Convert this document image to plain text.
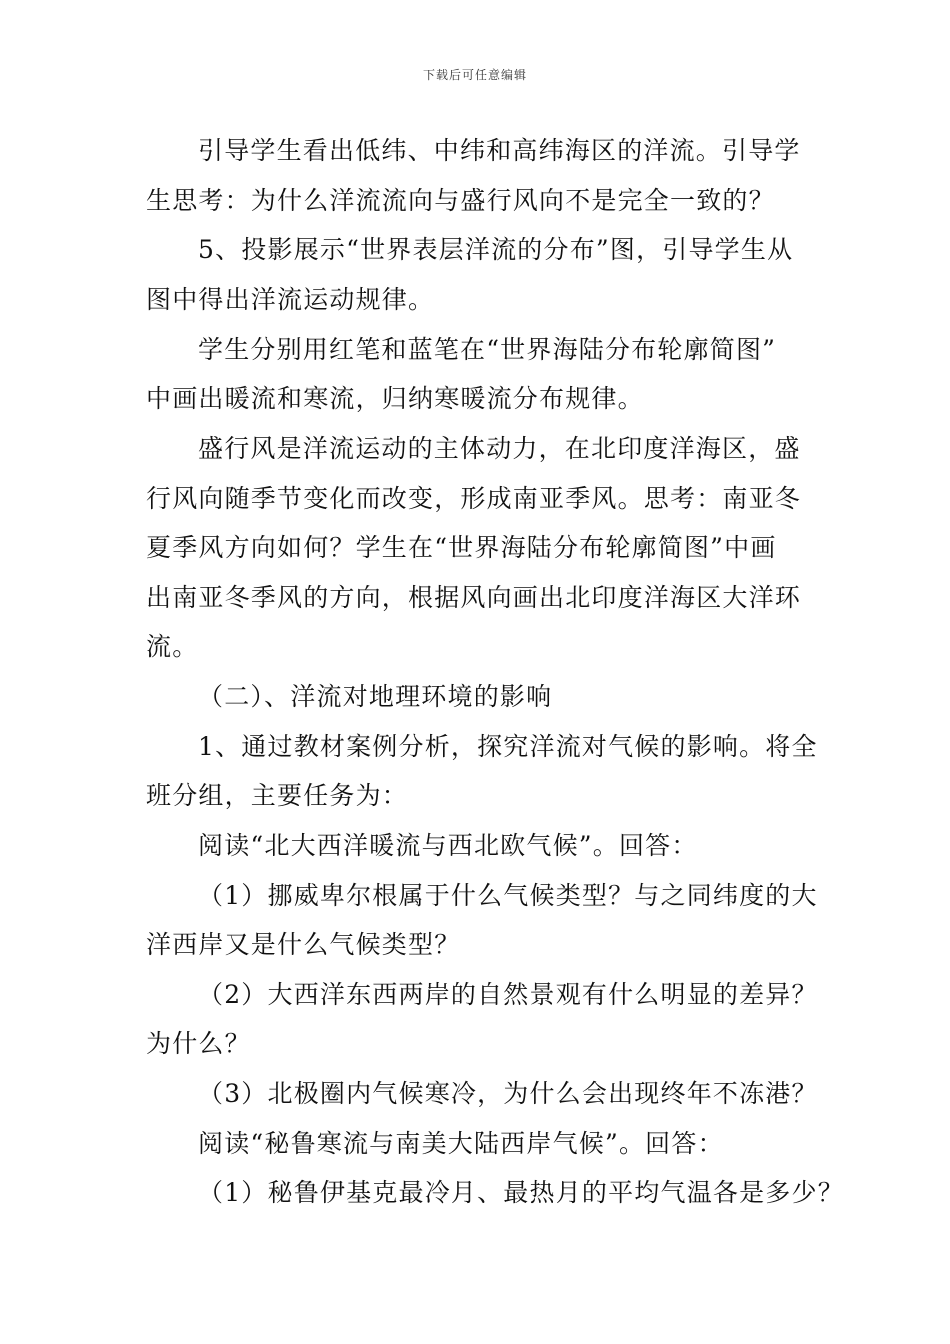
下载后可任意编辑
引导学生看出低纬、中纬和高纬海区的洋流。引导学
生思考：为什么洋流流向与盛行风向不是完全一致的？
5、投影展示“世界表层洋流的分布”图，引导学生从
图中得出洋流运动规律。
学生分别用红笔和蓝笔在“世界海陆分布轮廓简图”
中画出暖流和寒流，归纳寒暖流分布规律。
盛行风是洋流运动的主体动力，在北印度洋海区，盛
行风向随季节变化而改变，形成南亚季风。思考：南亚冬
夏季风方向如何？学生在“世界海陆分布轮廓简图”中画
出南亚冬季风的方向，根据风向画出北印度洋海区大洋环
流。
（二）、洋流对地理环境的影响
1、通过教材案例分析，探究洋流对气候的影响。将全
班分组，主要任务为：
阅读“北大西洋暖流与西北欧气候”。回答：
（1）挪威卑尔根属于什么气候类型？与之同纬度的大
洋西岸又是什么气候类型？
（2）大西洋东西两岸的自然景观有什么明显的差异？
为什么？
（3）北极圈内气候寒冷，为什么会出现终年不冻港？
阅读“秘鲁寒流与南美大陆西岸气候”。回答：
（1）秘鲁伊基克最冷月、最热月的平均气温各是多少？
